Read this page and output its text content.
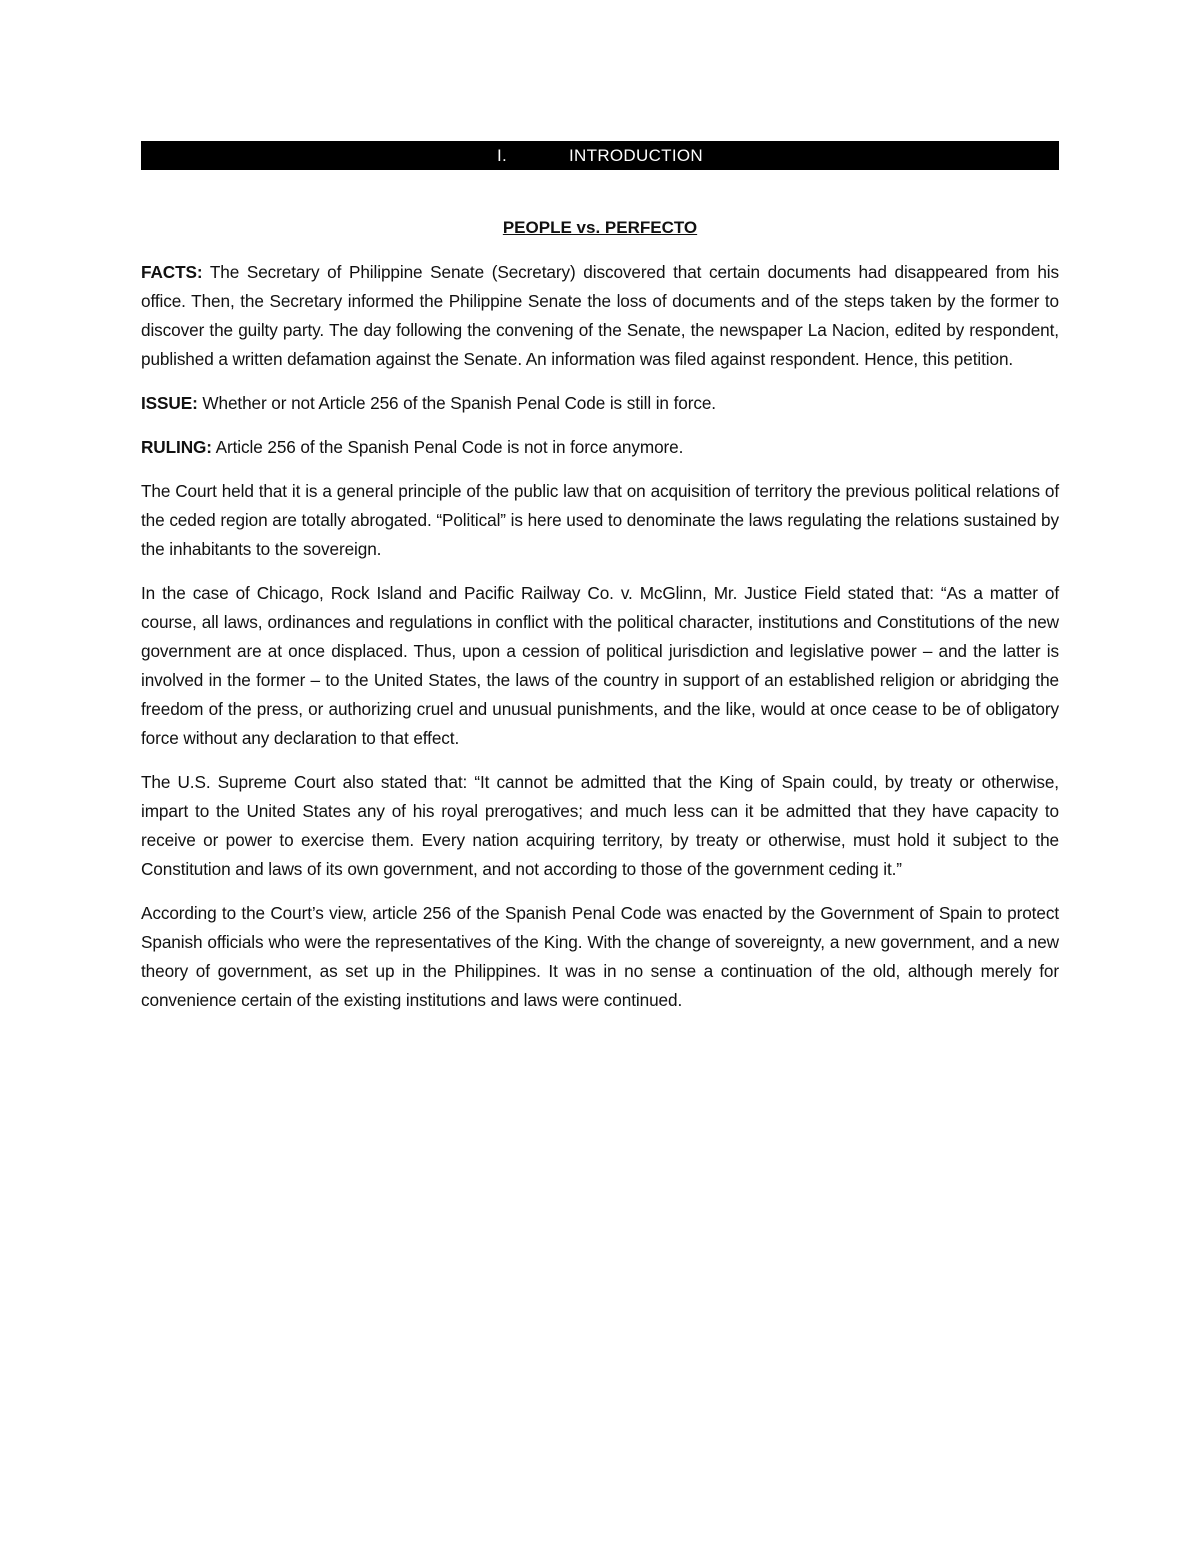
I.	INTRODUCTION
PEOPLE vs. PERFECTO

FACTS: The Secretary of Philippine Senate (Secretary) discovered that certain documents had disappeared from his office. Then, the Secretary informed the Philippine Senate the loss of documents and of the steps taken by the former to discover the guilty party. The day following the convening of the Senate, the newspaper La Nacion, edited by respondent, published a written defamation against the Senate. An information was filed against respondent. Hence, this petition.

ISSUE: Whether or not Article 256 of the Spanish Penal Code is still in force.

RULING: Article 256 of the Spanish Penal Code is not in force anymore.

The Court held that it is a general principle of the public law that on acquisition of territory the previous political relations of the ceded region are totally abrogated. “Political” is here used to denominate the laws regulating the relations sustained by the inhabitants to the sovereign.

In the case of Chicago, Rock Island and Pacific Railway Co. v. McGlinn, Mr. Justice Field stated that: “As a matter of course, all laws, ordinances and regulations in conflict with the political character, institutions and Constitutions of the new government are at once displaced. Thus, upon a cession of political jurisdiction and legislative power – and the latter is involved in the former – to the United States, the laws of the country in support of an established religion or abridging the freedom of the press, or authorizing cruel and unusual punishments, and the like, would at once cease to be of obligatory force without any declaration to that effect.

The U.S. Supreme Court also stated that: “It cannot be admitted that the King of Spain could, by treaty or otherwise, impart to the United States any of his royal prerogatives; and much less can it be admitted that they have capacity to receive or power to exercise them. Every nation acquiring territory, by treaty or otherwise, must hold it subject to the Constitution and laws of its own government, and not according to those of the government ceding it.”

According to the Court’s view, article 256 of the Spanish Penal Code was enacted by the Government of Spain to protect Spanish officials who were the representatives of the King. With the change of sovereignty, a new government, and a new theory of government, as set up in the Philippines. It was in no sense a continuation of the old, although merely for convenience certain of the existing institutions and laws were continued.
